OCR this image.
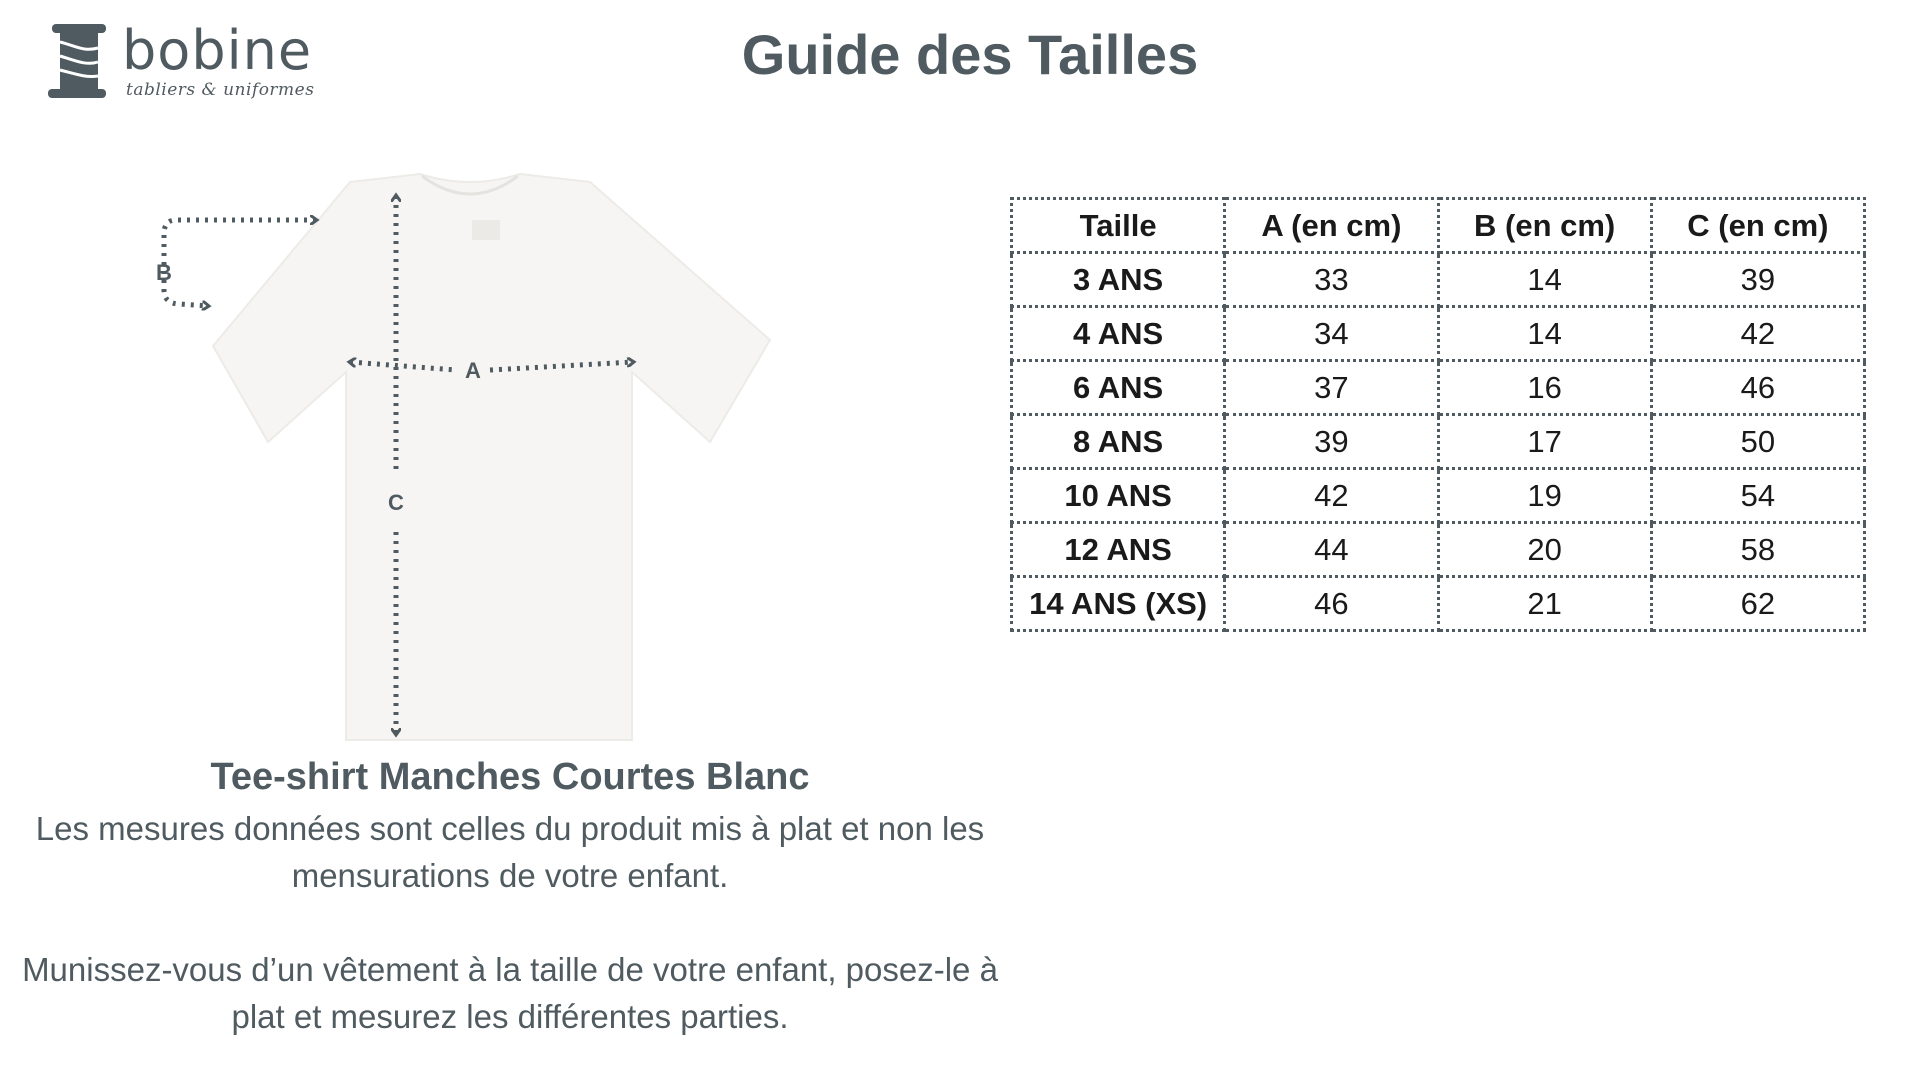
bobine
tabliers & uniformes
Guide des Tailles
B
A
C
Tee-shirt Manches Courtes Blanc

Les mesures données sont celles du produit mis à plat et non les mensurations de votre enfant.

Munissez-vous d’un vêtement à la taille de votre enfant, posez-le à plat et mesurez les différentes parties.

Taille	A (en cm)	B (en cm)	C (en cm)
3 ANS	33	14	39
4 ANS	34	14	42
6 ANS	37	16	46
8 ANS	39	17	50
10 ANS	42	19	54
12 ANS	44	20	58
14 ANS (XS)	46	21	62
